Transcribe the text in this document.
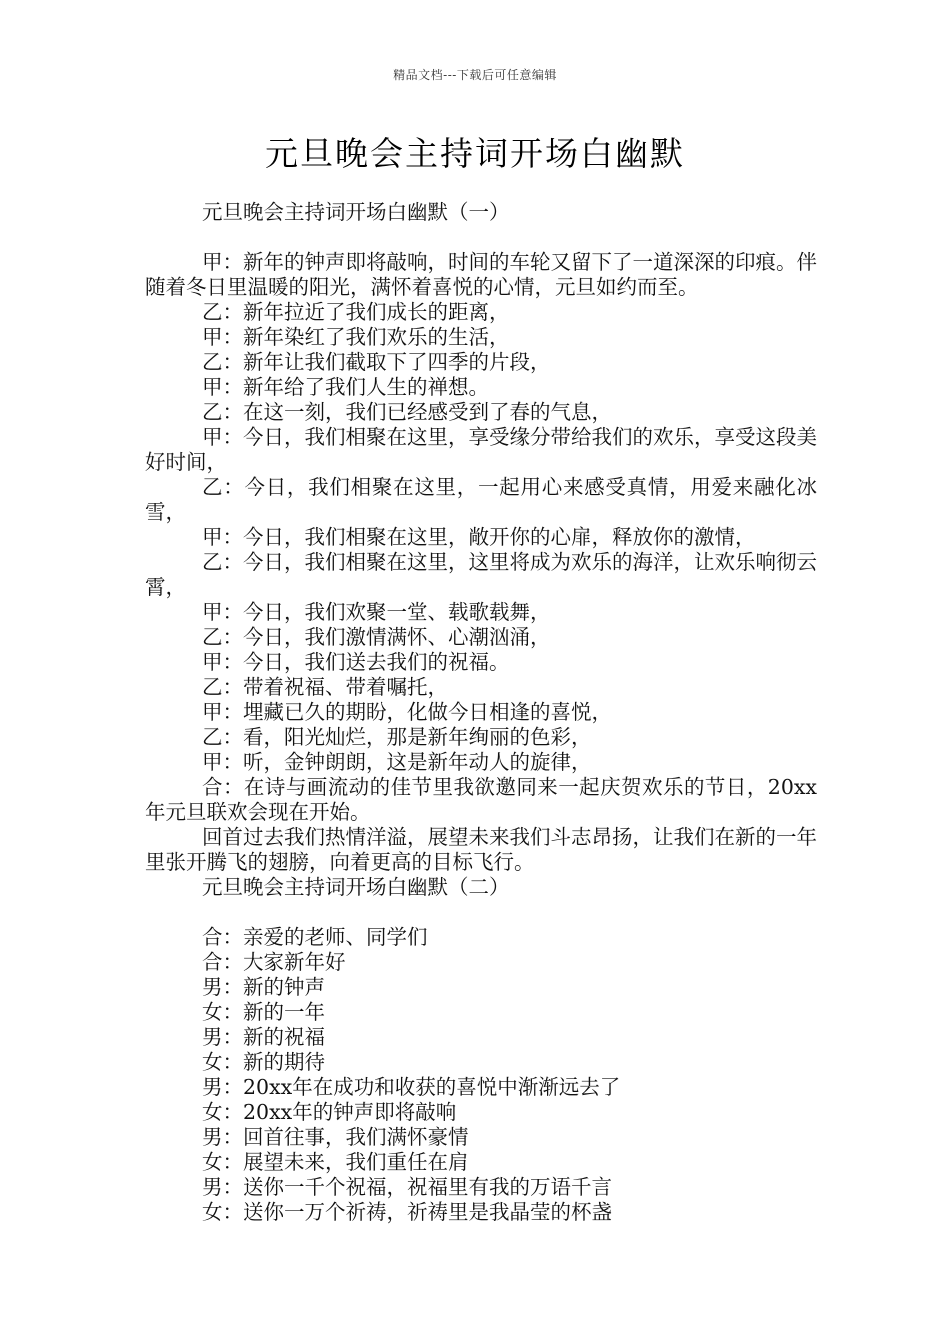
精品文档---下载后可任意编辑
元旦晚会主持词开场白幽默
元旦晚会主持词开场白幽默（一）
甲：新年的钟声即将敲响，时间的车轮又留下了一道深深的印痕。伴随着冬日里温暖的阳光，满怀着喜悦的心情，元旦如约而至。
乙：新年拉近了我们成长的距离，
甲：新年染红了我们欢乐的生活，
乙：新年让我们截取下了四季的片段，
甲：新年给了我们人生的禅想。
乙：在这一刻，我们已经感受到了春的气息，
甲：今日，我们相聚在这里，享受缘分带给我们的欢乐，享受这段美好时间，
乙：今日，我们相聚在这里，一起用心来感受真情，用爱来融化冰雪，
甲：今日，我们相聚在这里，敞开你的心扉，释放你的激情，
乙：今日，我们相聚在这里，这里将成为欢乐的海洋，让欢乐响彻云霄，
甲：今日，我们欢聚一堂、载歌载舞，
乙：今日，我们激情满怀、心潮汹涌，
甲：今日，我们送去我们的祝福。
乙：带着祝福、带着嘱托，
甲：埋藏已久的期盼，化做今日相逢的喜悦，
乙：看，阳光灿烂，那是新年绚丽的色彩，
甲：听，金钟朗朗，这是新年动人的旋律，
合：在诗与画流动的佳节里我欲邀同来一起庆贺欢乐的节日，20xx年元旦联欢会现在开始。
回首过去我们热情洋溢，展望未来我们斗志昂扬，让我们在新的一年里张开腾飞的翅膀，向着更高的目标飞行。
元旦晚会主持词开场白幽默（二）
合：亲爱的老师、同学们
合：大家新年好
男：新的钟声
女：新的一年
男：新的祝福
女：新的期待
男：20xx年在成功和收获的喜悦中渐渐远去了
女：20xx年的钟声即将敲响
男：回首往事，我们满怀豪情
女：展望未来，我们重任在肩
男：送你一千个祝福，祝福里有我的万语千言
女：送你一万个祈祷，祈祷里是我晶莹的杯盏
